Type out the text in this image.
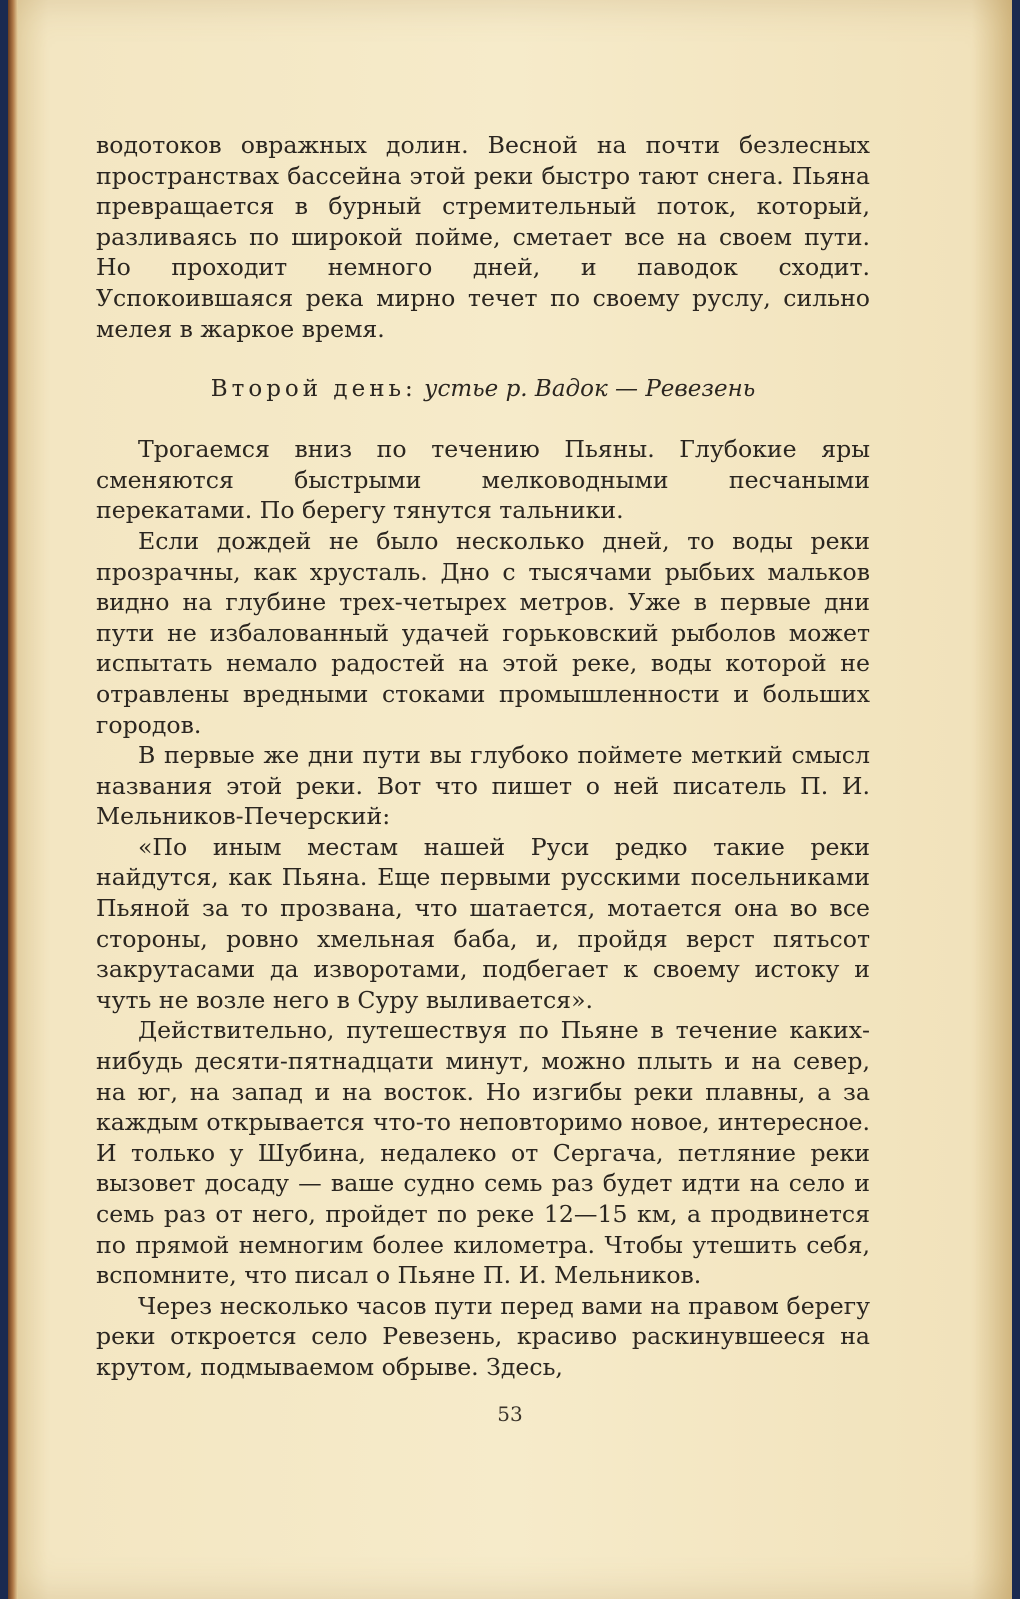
водотоков овражных долин. Весной на почти безлесных пространствах бассейна этой реки быстро тают снега. Пьяна превращается в бурный стремительный поток, который, разливаясь по широкой пойме, сметает все на своем пути. Но проходит немного дней, и паводок сходит. Успокоившаяся река мирно течет по своему руслу, сильно мелея в жаркое время.

Второй день: устье р. Вадок — Ревезень

Трогаемся вниз по течению Пьяны. Глубокие яры сменяются быстрыми мелководными песчаными перекатами. По берегу тянутся тальники.

Если дождей не было несколько дней, то воды реки прозрачны, как хрусталь. Дно с тысячами рыбьих мальков видно на глубине трех-четырех метров. Уже в первые дни пути не избалованный удачей горьковский рыболов может испытать немало радостей на этой реке, воды которой не отравлены вредными стоками промышленности и больших городов.

В первые же дни пути вы глубоко поймете меткий смысл названия этой реки. Вот что пишет о ней писатель П. И. Мельников-Печерский:

«По иным местам нашей Руси редко такие реки найдутся, как Пьяна. Еще первыми русскими посельниками Пьяной за то прозвана, что шатается, мотается она во все стороны, ровно хмельная баба, и, пройдя верст пятьсот закрутасами да изворотами, подбегает к своему истоку и чуть не возле него в Суру выливается».

Действительно, путешествуя по Пьяне в течение каких-нибудь десяти-пятнадцати минут, можно плыть и на север, на юг, на запад и на восток. Но изгибы реки плавны, а за каждым открывается что-то неповторимо новое, интересное. И только у Шубина, недалеко от Сергача, петляние реки вызовет досаду — ваше судно семь раз будет идти на село и семь раз от него, пройдет по реке 12—15 км, а продвинется по прямой немногим более километра. Чтобы утешить себя, вспомните, что писал о Пьяне П. И. Мельников.

Через несколько часов пути перед вами на правом берегу реки откроется село Ревезень, красиво раскинувшееся на крутом, подмываемом обрыве. Здесь,

53
